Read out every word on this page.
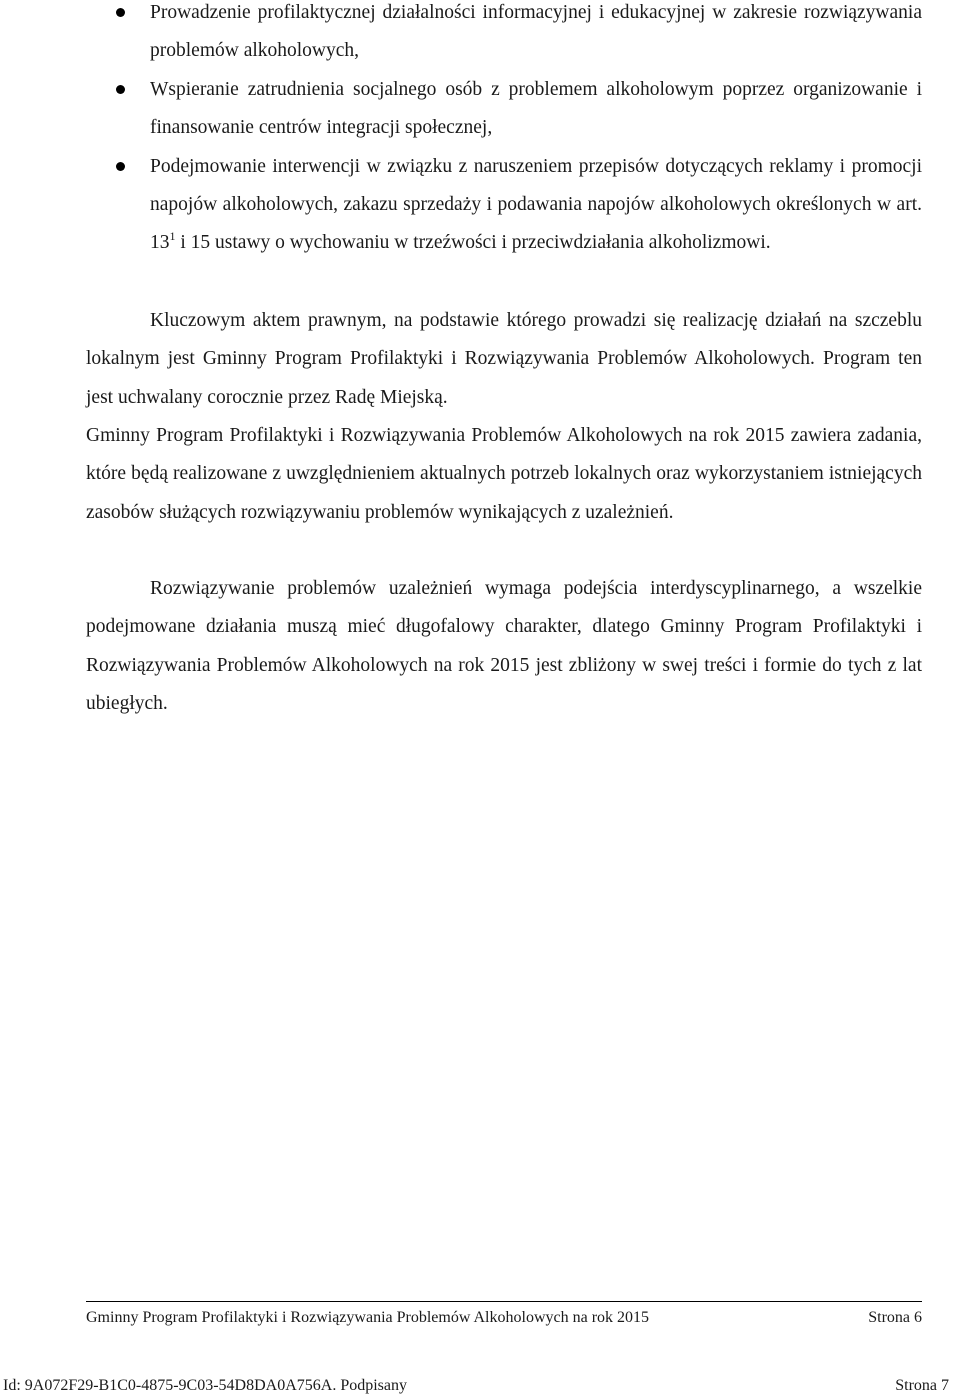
Prowadzenie profilaktycznej działalności informacyjnej i edukacyjnej w zakresie rozwiązywania problemów alkoholowych,
Wspieranie zatrudnienia socjalnego osób z problemem alkoholowym poprzez organizowanie i finansowanie centrów integracji społecznej,
Podejmowanie interwencji w związku z naruszeniem przepisów dotyczących reklamy i promocji napojów alkoholowych, zakazu sprzedaży i podawania napojów alkoholowych określonych w art. $13^1$ i 15 ustawy o wychowaniu w trzeźwości i przeciwdziałania alkoholizmowi.

Kluczowym aktem prawnym, na podstawie którego prowadzi się realizację działań na szczeblu lokalnym jest Gminny Program Profilaktyki i Rozwiązywania Problemów Alkoholowych. Program ten jest uchwalany corocznie przez Radę Miejską.

Gminny Program Profilaktyki i Rozwiązywania Problemów Alkoholowych na rok 2015 zawiera zadania, które będą realizowane z uwzględnieniem aktualnych potrzeb lokalnych oraz wykorzystaniem istniejących zasobów służących rozwiązywaniu problemów wynikających z uzależnień.

Rozwiązywanie problemów uzależnień wymaga podejścia interdyscyplinarnego, a wszelkie podejmowane działania muszą mieć długofalowy charakter, dlatego Gminny Program Profilaktyki i Rozwiązywania Problemów Alkoholowych na rok 2015 jest zbliżony w swej treści i formie do tych z lat ubiegłych.

Gminny Program Profilaktyki i Rozwiązywania Problemów Alkoholowych na rok 2015	Strona 6
Id: 9A072F29-B1C0-4875-9C03-54D8DA0A756A. Podpisany	Strona 7
